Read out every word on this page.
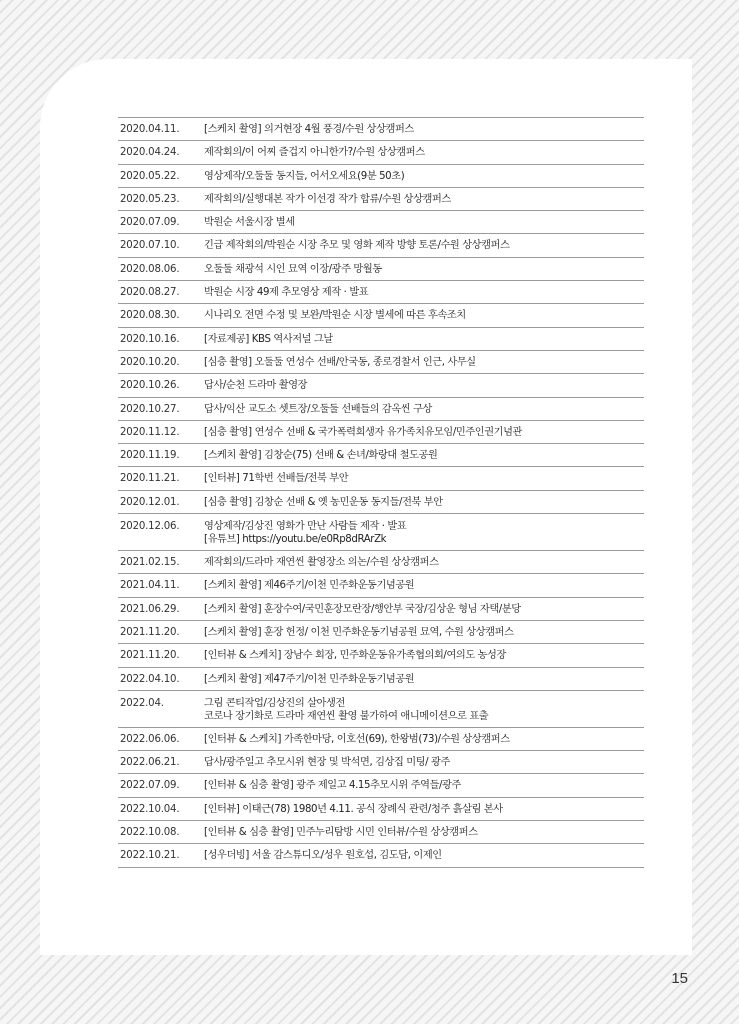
2020.04.11.	[스케치 촬영] 의거현장 4월 풍경/수원 상상캠퍼스
2020.04.24.	제작회의/이 어찌 즐겁지 아니한가?/수원 상상캠퍼스
2020.05.22.	영상제작/오둘둘 동지들, 어서오세요(9분 50초)
2020.05.23.	제작회의/실행대본 작가 이선경 작가 합류/수원 상상캠퍼스
2020.07.09.	박원순 서울시장 별세
2020.07.10.	긴급 제작회의/박원순 시장 추모 및 영화 제작 방향 토론/수원 상상캠퍼스
2020.08.06.	오둘둘 채광석 시인 묘역 이장/광주 망월동
2020.08.27.	박원순 시장 49제 추모영상 제작 · 발표
2020.08.30.	시나리오 전면 수정 및 보완/박원순 시장 별세에 따른 후속조치
2020.10.16.	[자료제공] KBS 역사저널 그날
2020.10.20.	[심층 촬영] 오둘둘 연성수 선배/안국동, 종로경찰서 인근, 사무실
2020.10.26.	답사/순천 드라마 촬영장
2020.10.27.	답사/익산 교도소 셋트장/오둘둘 선배들의 감옥씬 구상
2020.11.12.	[심층 촬영] 연성수 선배 & 국가폭력희생자 유가족치유모임/민주인권기념관
2020.11.19.	[스케치 촬영] 김창순(75) 선배 & 손녀/화랑대 철도공원
2020.11.21.	[인터뷰] 71학번 선배들/전북 부안
2020.12.01.	[심층 촬영] 김창순 선배 & 옛 농민운동 동지들/전북 부안
2020.12.06.	영상제작/김상진 영화가 만난 사람들 제작 · 발표
[유튜브] https://youtu.be/e0Rp8dRArZk
2021.02.15.	제작회의/드라마 재연씬 촬영장소 의논/수원 상상캠퍼스
2021.04.11.	[스케치 촬영] 제46주기/이천 민주화운동기념공원
2021.06.29.	[스케치 촬영] 훈장수여/국민훈장모란장/행안부 국장/김상운 형님 자택/분당
2021.11.20.	[스케치 촬영] 훈장 헌정/ 이천 민주화운동기념공원 묘역, 수원 상상캠퍼스
2021.11.20.	[인터뷰 & 스케치] 장남수 회장, 민주화운동유가족협의회/여의도 농성장
2022.04.10.	[스케치 촬영] 제47주기/이천 민주화운동기념공원
2022.04.	그림 콘티작업/김상진의 살아생전
코로나 장기화로 드라마 재연씬 촬영 불가하여 애니메이션으로 표출
2022.06.06.	[인터뷰 & 스케치] 가족한마당, 이호선(69), 한왕범(73)/수원 상상캠퍼스
2022.06.21.	답사/광주일고 추모시위 현장 및 박석면, 김상집 미팅/ 광주
2022.07.09.	[인터뷰 & 심층 촬영] 광주 제일고 4.15추모시위 주역들/광주
2022.10.04.	[인터뷰] 이태근(78) 1980년 4.11. 공식 장례식 관련/청주 흙살림 본사
2022.10.08.	[인터뷰 & 심층 촬영] 민주누리탐방 시민 인터뷰/수원 상상캠퍼스
2022.10.21.	[성우더빙] 서울 감스튜디오/성우 원호섭, 김도담, 이제인
15
